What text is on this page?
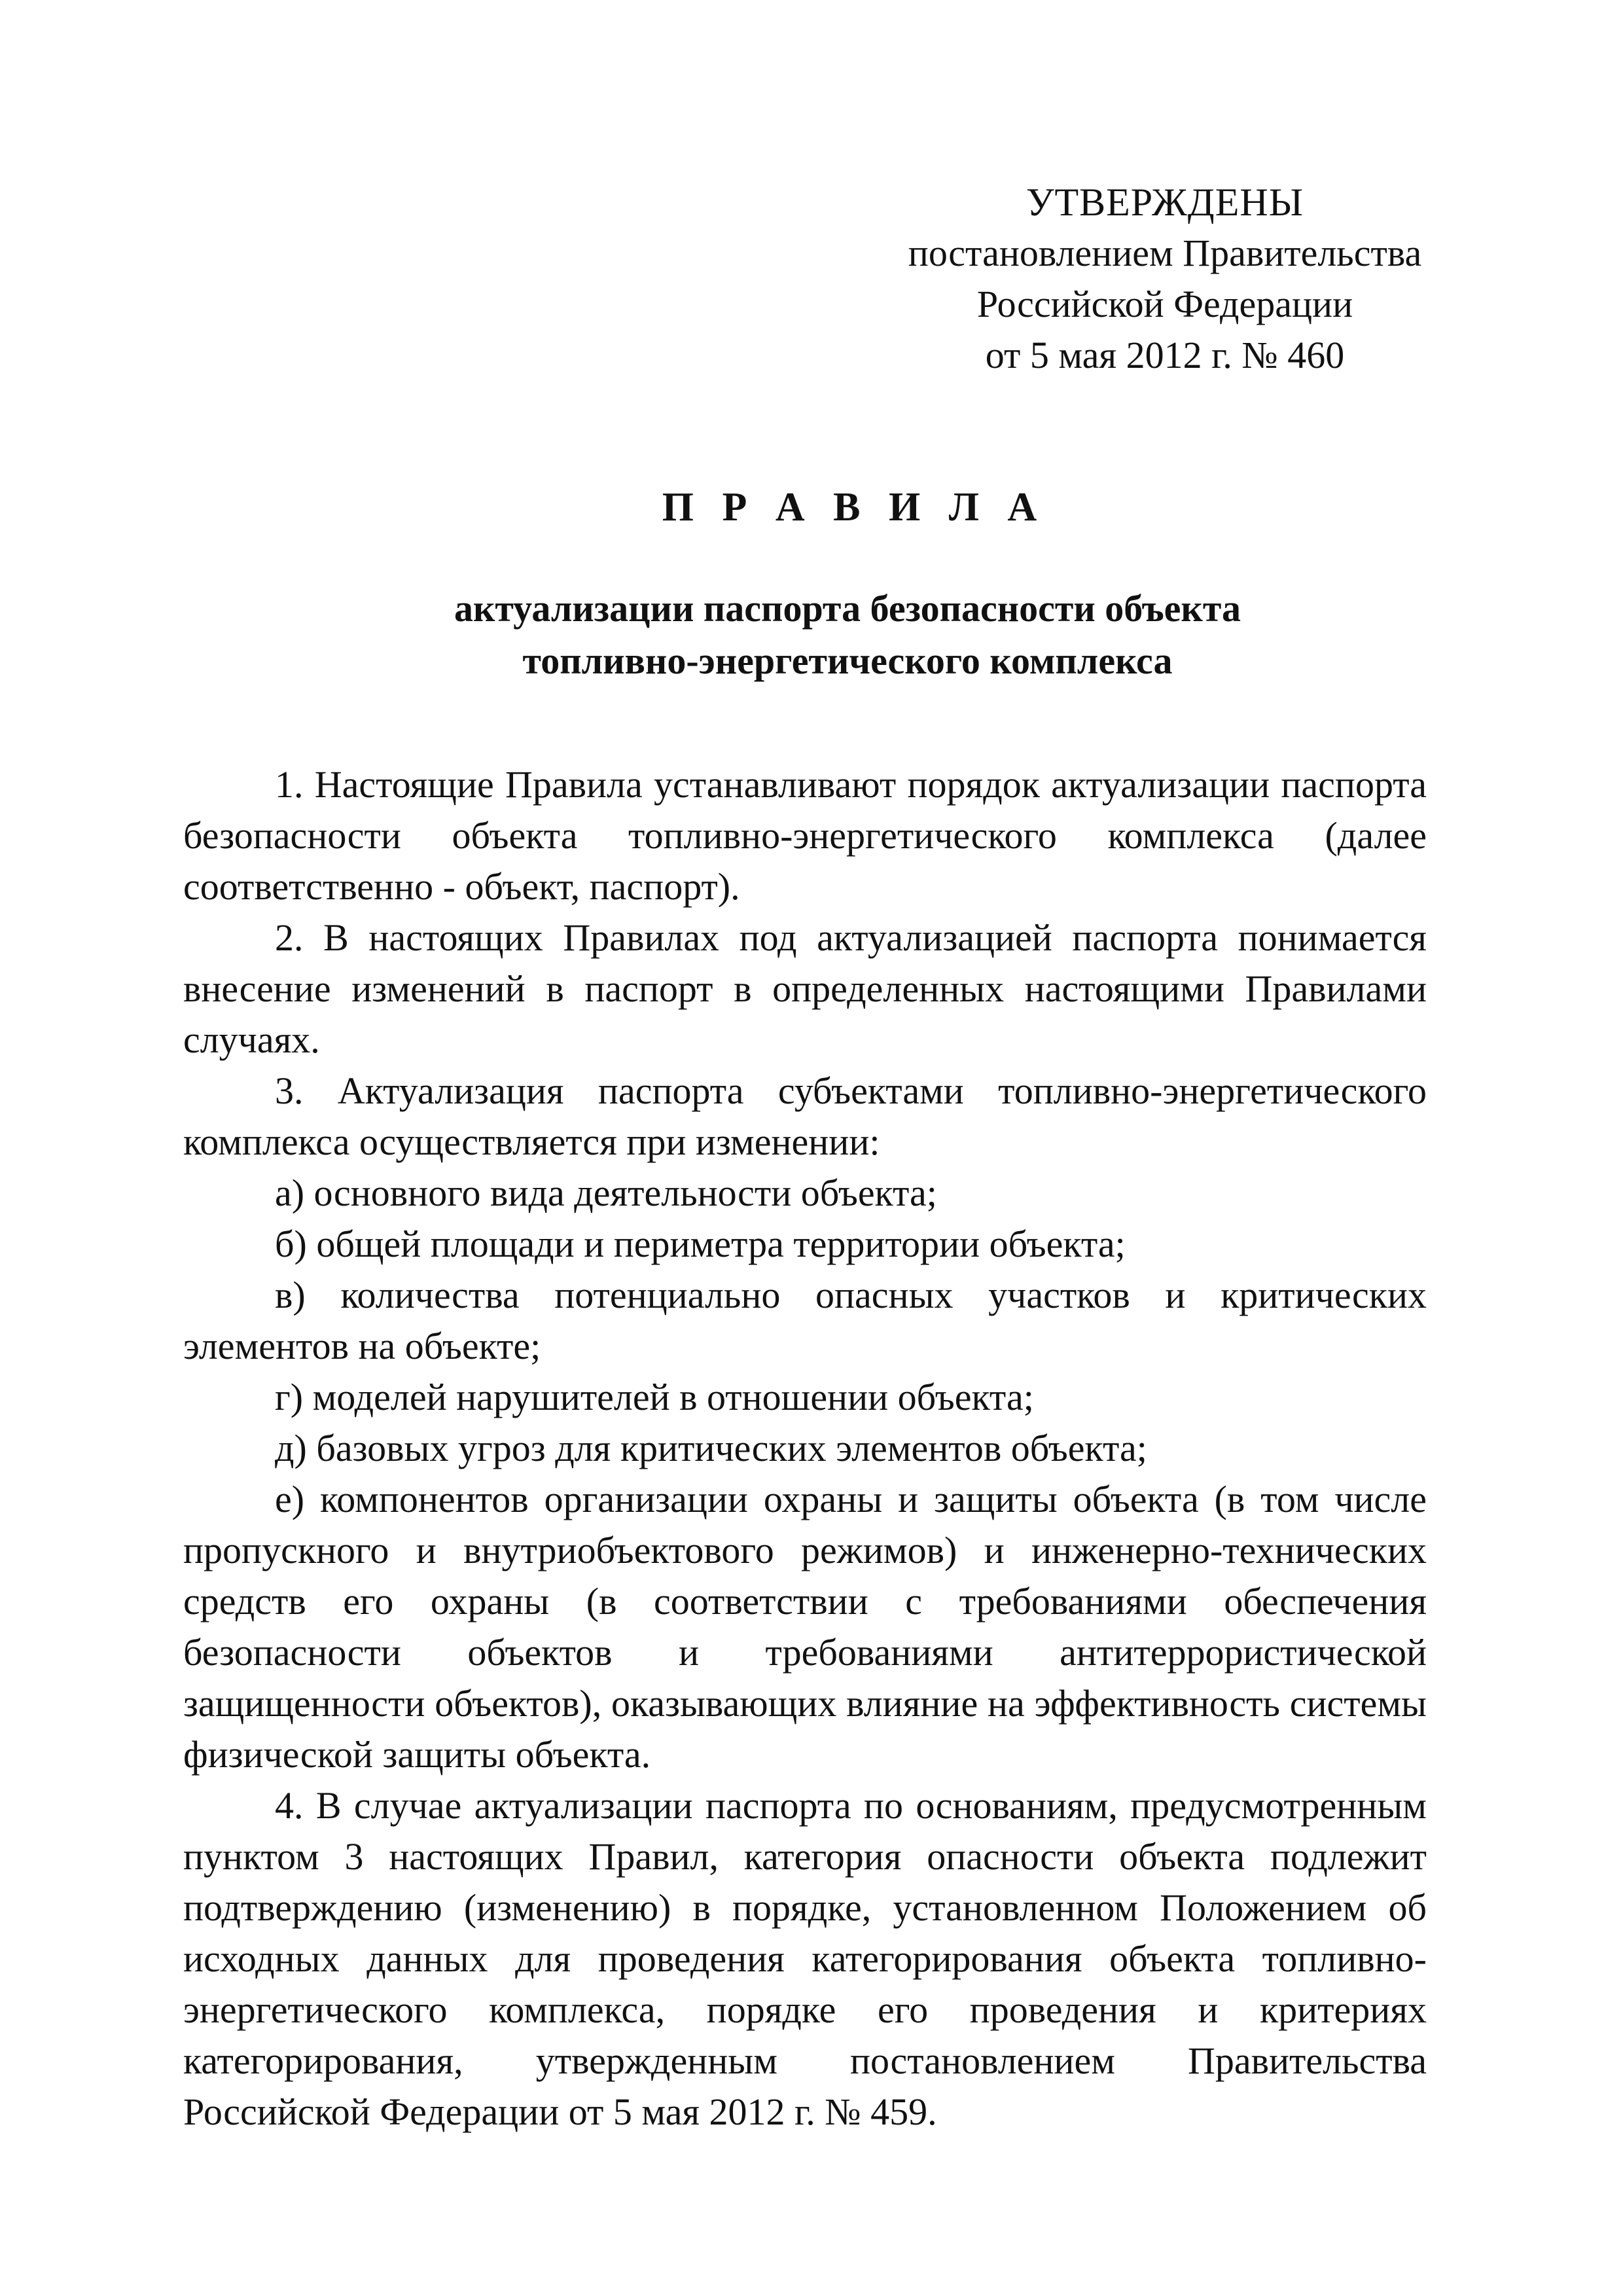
УТВЕРЖДЕНЫ
постановлением Правительства
Российской Федерации
от 5 мая 2012 г. № 460
П Р А В И Л А
актуализации паспорта безопасности объекта
топливно-энергетического комплекса

1. Настоящие Правила устанавливают порядок актуализации паспорта безопасности объекта топливно-энергетического комплекса (далее соответственно - объект, паспорт).

2. В настоящих Правилах под актуализацией паспорта понимается внесение изменений в паспорт в определенных настоящими Правилами случаях.

3. Актуализация паспорта субъектами топливно-энергетического комплекса осуществляется при изменении:

а) основного вида деятельности объекта;

б) общей площади и периметра территории объекта;

в) количества потенциально опасных участков и критических элементов на объекте;

г) моделей нарушителей в отношении объекта;

д) базовых угроз для критических элементов объекта;

е) компонентов организации охраны и защиты объекта (в том числе пропускного и внутриобъектового режимов) и инженерно-технических средств его охраны (в соответствии с требованиями обеспечения безопасности объектов и требованиями антитеррористической защищенности объектов), оказывающих влияние на эффективность системы физической защиты объекта.

4. В случае актуализации паспорта по основаниям, предусмотренным пунктом 3 настоящих Правил, категория опасности объекта подлежит подтверждению (изменению) в порядке, установленном Положением об исходных данных для проведения категорирования объекта топливно-энергетического комплекса, порядке его проведения и критериях категорирования, утвержденным постановлением Правительства Российской Федерации от 5 мая 2012 г. № 459.
